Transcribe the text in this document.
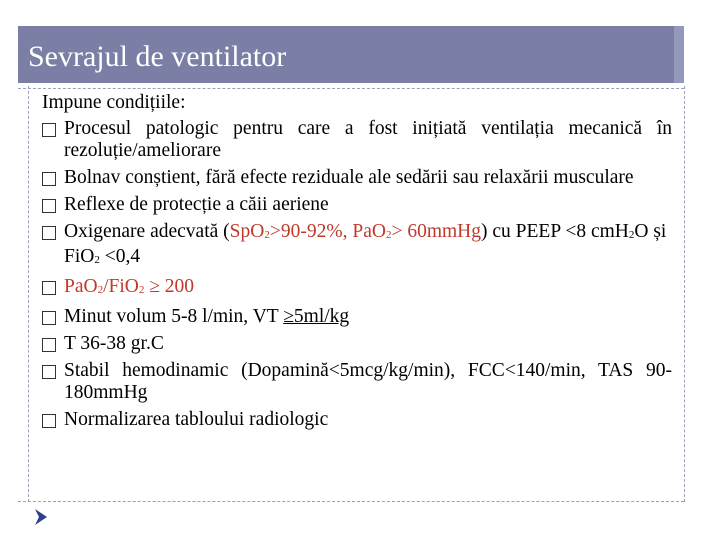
Sevrajul de ventilator
Impune condițiile:
Procesul patologic pentru care a fost inițiată ventilația mecanică în rezoluție/ameliorare
Bolnav conștient, fără efecte reziduale ale sedării sau relaxării musculare
Reflexe de protecție a căii aeriene
Oxigenare adecvată (SpO$_2$>90-92%, PaO$_2$> 60mmHg) cu PEEP <8 cmH$_2$O și FiO$_2$ <0,4
PaO$_2$/FiO$_2$ ≥ 200
Minut volum 5-8 l/min, VT ≥5ml/kg
T 36-38 gr.C
Stabil hemodinamic (Dopamină<5mcg/kg/min), FCC<140/min, TAS 90-180mmHg
Normalizarea tabloului radiologic
